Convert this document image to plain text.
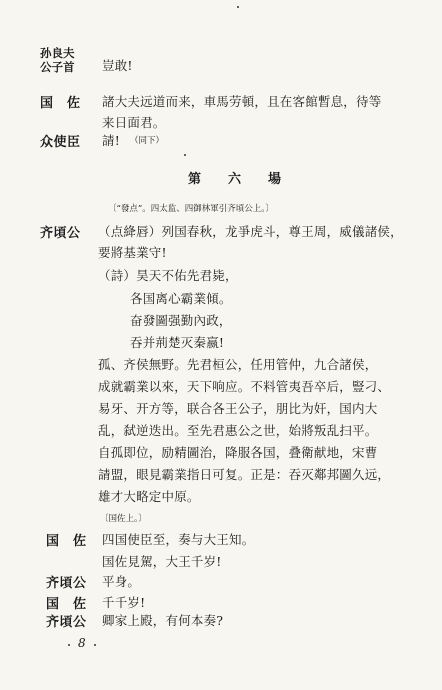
孙良夫
公子首 豈敢!
国　佐 諸大夫远道而来，車馬劳頓，且在客館暫息，待等
来日面君。
众使臣 請! （同下）
第　六　場
〔“發点”。四太监、四御林軍引齐頃公上。〕
齐頃公 （点絳唇）列国春秋，龙爭虎斗，尊王周，威儀諸侯，
要將基業守!
（詩）昊天不佑先君毙，
各国离心霸業傾。
奋發圖强勤內政，
吞并荊楚灭秦嬴!
孤、齐侯無野。先君桓公，任用管仲，九合諸侯，
成就霸業以來，天下响应。不料管夷吾卒后，豎刁、
易牙、开方等，联合各王公子，朋比为奸，国内大
乱，弑逆迭出。至先君惠公之世，始將叛乱扫平。
自孤即位，励精圖治，降服各国，叠衛献地，宋曹
請盟，眼見霸業指日可复。正是：吞灭鄰邦圖久远，
雄才大略定中原。
〔国佐上。〕
国　佐 四国使臣至，奏与大王知。
国佐見駕，大王千岁!
齐頃公 平身。
国　佐 千千岁!
齐頃公 卿家上殿，有何本奏?
8
